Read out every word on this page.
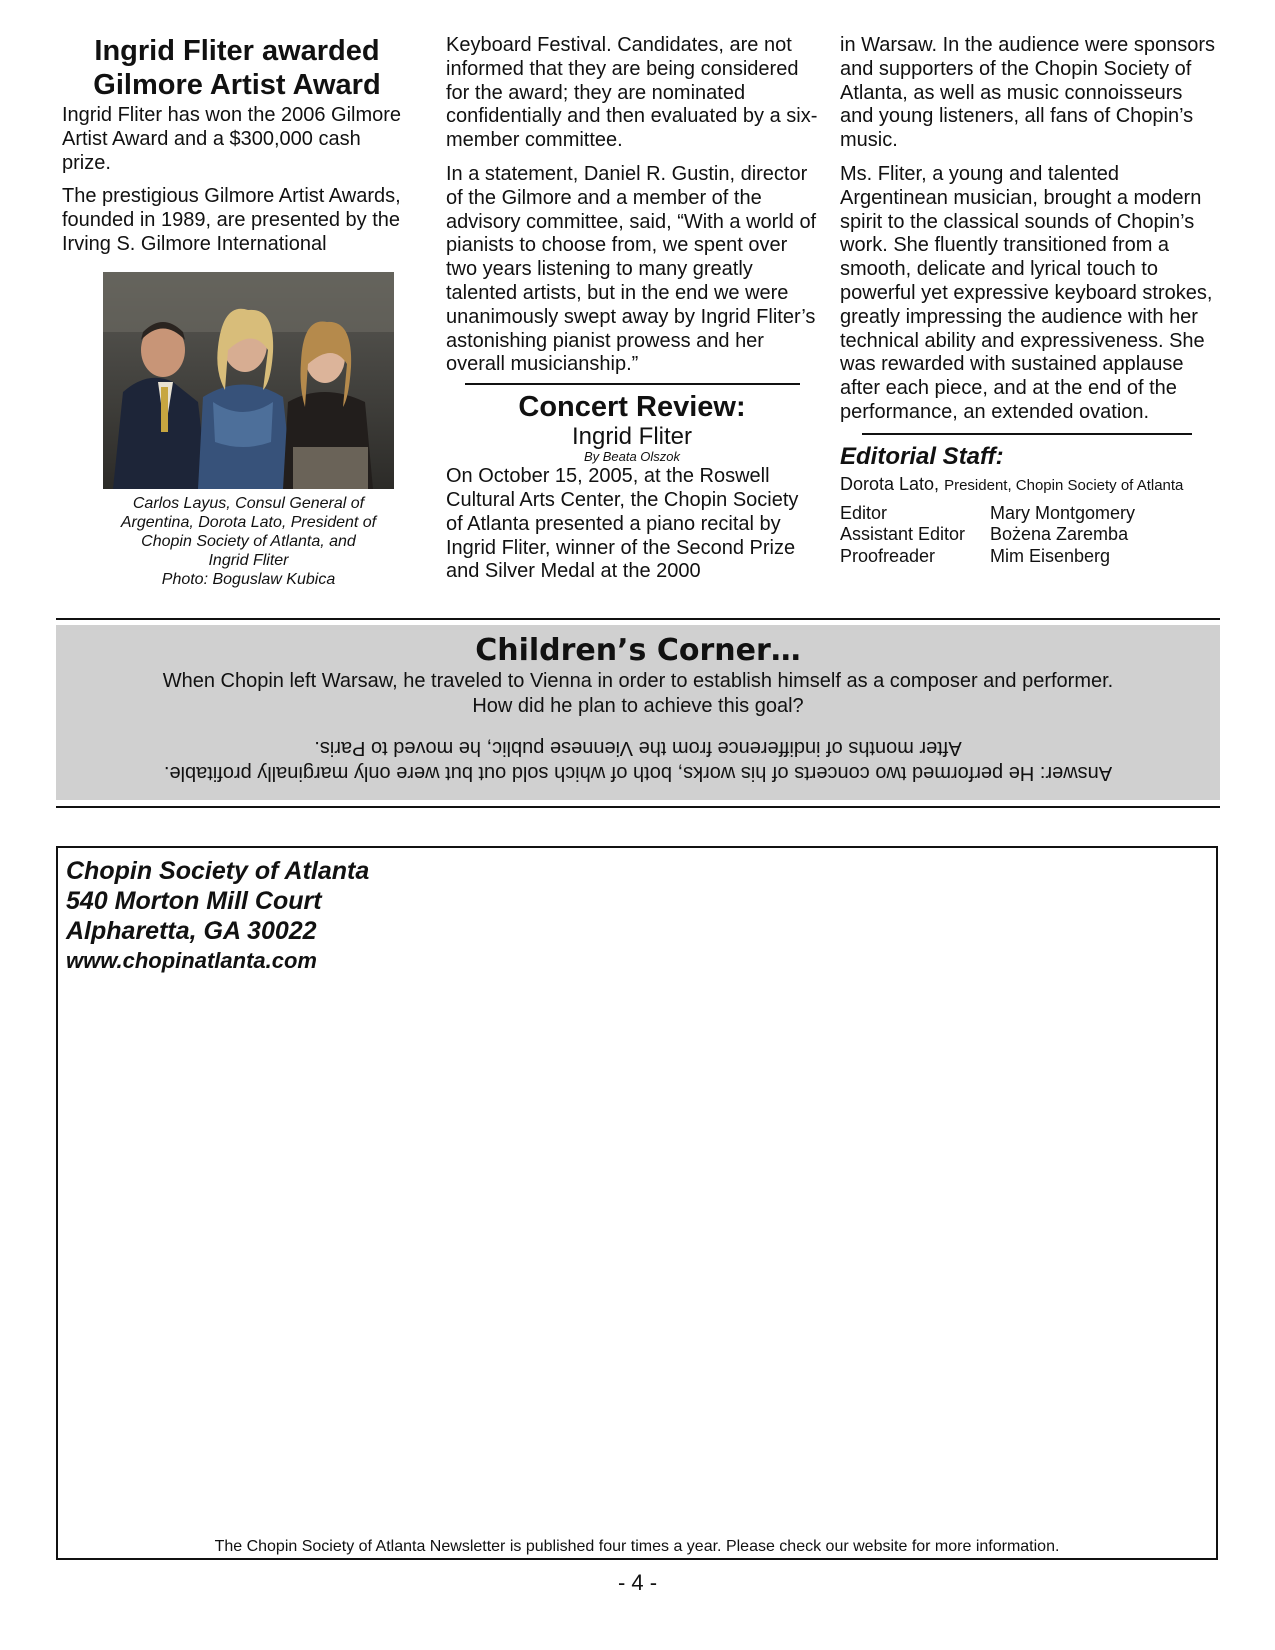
Ingrid Fliter awarded
Gilmore Artist Award

Ingrid Fliter has won the 2006 Gilmore Artist Award and a $300,000 cash prize.

The prestigious Gilmore Artist Awards, founded in 1989, are presented by the Irving S. Gilmore International

Carlos Layus, Consul General of
Argentina, Dorota Lato, President of
Chopin Society of Atlanta, and
Ingrid Fliter
Photo: Boguslaw Kubica

Keyboard Festival. Candidates, are not informed that they are being considered for the award; they are nominated confidentially and then evaluated by a six-member committee.

In a statement, Daniel R. Gustin, director of the Gilmore and a member of the advisory committee, said, “With a world of pianists to choose from, we spent over two years listening to many greatly talented artists, but in the end we were unanimously swept away by Ingrid Fliter’s astonishing pianist prowess and her overall musicianship.”

Concert Review:
Ingrid Fliter
By Beata Olszok

On October 15, 2005, at the Roswell Cultural Arts Center, the Chopin Society of Atlanta presented a piano recital by Ingrid Fliter, winner of the Second Prize and Silver Medal at the 2000

in Warsaw. In the audience were sponsors and supporters of the Chopin Society of Atlanta, as well as music connoisseurs and young listeners, all fans of Chopin’s music.

Ms. Fliter, a young and talented Argentinean musician, brought a modern spirit to the classical sounds of Chopin’s work. She fluently transitioned from a smooth, delicate and lyrical touch to powerful yet expressive keyboard strokes, greatly impressing the audience with her technical ability and expressiveness. She was rewarded with sustained applause after each piece, and at the end of the performance, an extended ovation.

Editorial Staff:
Dorota Lato, President, Chopin Society of Atlanta
Editor	Mary Montgomery
Assistant Editor	Bożena Zaremba
Proofreader	Mim Eisenberg
Children’s Corner…
When Chopin left Warsaw, he traveled to Vienna in order to establish himself as a composer and performer.
How did he plan to achieve this goal?
Answer: He performed two concerts of his works, both of which sold out but were only marginally profitable.
After months of indifference from the Viennese public, he moved to Paris.
Chopin Society of Atlanta
540 Morton Mill Court
Alpharetta, GA 30022
www.chopinatlanta.com
The Chopin Society of Atlanta Newsletter is published four times a year. Please check our website for more information.
- 4 -
